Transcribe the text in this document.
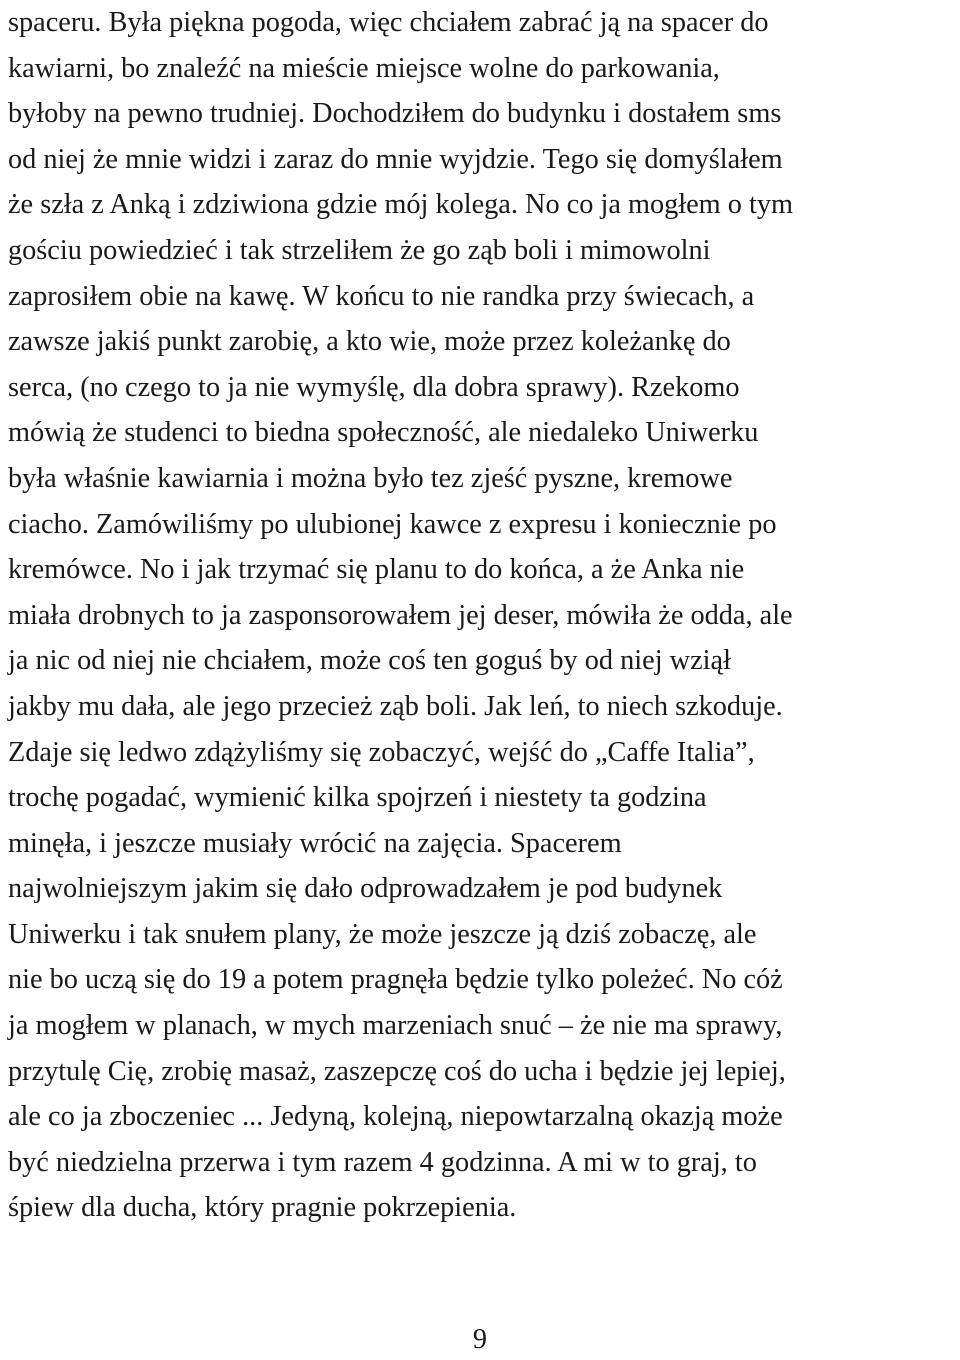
spaceru. Była piękna pogoda, więc chciałem zabrać ją na spacer do
kawiarni, bo znaleźć na mieście miejsce wolne do parkowania,
byłoby na pewno trudniej. Dochodziłem do budynku i dostałem sms
od niej że mnie widzi i zaraz do mnie wyjdzie. Tego się domyślałem
że szła z Anką i zdziwiona gdzie mój kolega. No co ja mogłem o tym
gościu powiedzieć i tak strzeliłem że go ząb boli i mimowolni
zaprosiłem obie na kawę. W końcu to nie randka przy świecach, a
zawsze jakiś punkt zarobię, a kto wie, może przez koleżankę do
serca, (no czego to ja nie wymyślę, dla dobra sprawy). Rzekomo
mówią że studenci to biedna społeczność, ale niedaleko Uniwerku
była właśnie kawiarnia i można było tez zjeść pyszne, kremowe
ciacho. Zamówiliśmy po ulubionej kawce z expresu i koniecznie po
kremówce. No i jak trzymać się planu to do końca, a że Anka nie
miała drobnych to ja zasponsorowałem jej deser, mówiła że odda, ale
ja nic od niej nie chciałem, może coś ten goguś by od niej wziął
jakby mu dała, ale jego przecież ząb boli. Jak leń, to niech szkoduje.
Zdaje się ledwo zdążyliśmy się zobaczyć, wejść do „Caffe Italia”,
trochę pogadać, wymienić kilka spojrzeń i niestety ta godzina
minęła, i jeszcze musiały wrócić na zajęcia. Spacerem
najwolniejszym jakim się dało odprowadzałem je pod budynek
Uniwerku i tak snułem plany, że może jeszcze ją dziś zobaczę, ale
nie bo uczą się do 19 a potem pragnęła będzie tylko poleżeć. No cóż
ja mogłem w planach, w mych marzeniach snuć – że nie ma sprawy,
przytulę Cię, zrobię masaż, zaszepczę coś do ucha i będzie jej lepiej,
ale co ja zboczeniec ... Jedyną, kolejną, niepowtarzalną okazją może
być niedzielna przerwa i tym razem 4 godzinna. A mi w to graj, to
śpiew dla ducha, który pragnie pokrzepienia.

9
